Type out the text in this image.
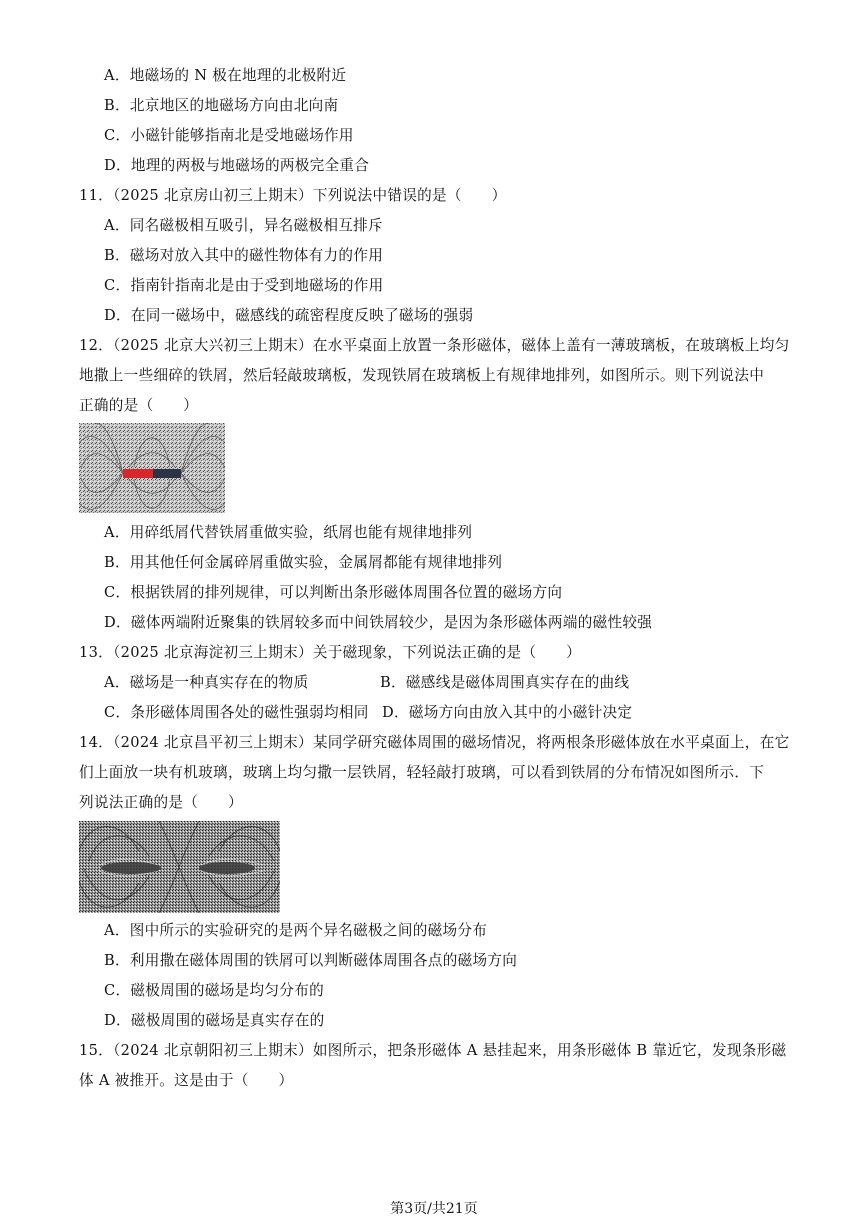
A．地磁场的 N 极在地理的北极附近
B．北京地区的地磁场方向由北向南
C．小磁针能够指南北是受地磁场作用
D．地理的两极与地磁场的两极完全重合
11．（2025 北京房山初三上期末）下列说法中错误的是（　　）
A．同名磁极相互吸引，异名磁极相互排斥
B．磁场对放入其中的磁性物体有力的作用
C．指南针指南北是由于受到地磁场的作用
D．在同一磁场中，磁感线的疏密程度反映了磁场的强弱
12．（2025 北京大兴初三上期末）在水平桌面上放置一条形磁体，磁体上盖有一薄玻璃板，在玻璃板上均匀
地撒上一些细碎的铁屑，然后轻敲玻璃板，发现铁屑在玻璃板上有规律地排列，如图所示。则下列说法中
正确的是（　　）
A．用碎纸屑代替铁屑重做实验，纸屑也能有规律地排列
B．用其他任何金属碎屑重做实验，金属屑都能有规律地排列
C．根据铁屑的排列规律，可以判断出条形磁体周围各位置的磁场方向
D．磁体两端附近聚集的铁屑较多而中间铁屑较少，是因为条形磁体两端的磁性较强
13．（2025 北京海淀初三上期末）关于磁现象，下列说法正确的是（　　）
A．磁场是一种真实存在的物质	B．磁感线是磁体周围真实存在的曲线
C．条形磁体周围各处的磁性强弱均相同 D．磁场方向由放入其中的小磁针决定
14．（2024 北京昌平初三上期末）某同学研究磁体周围的磁场情况，将两根条形磁体放在水平桌面上，在它
们上面放一块有机玻璃，玻璃上均匀撒一层铁屑，轻轻敲打玻璃，可以看到铁屑的分布情况如图所示．下
列说法正确的是（　　）
A．图中所示的实验研究的是两个异名磁极之间的磁场分布
B．利用撒在磁体周围的铁屑可以判断磁体周围各点的磁场方向
C．磁极周围的磁场是均匀分布的
D．磁极周围的磁场是真实存在的
15．（2024 北京朝阳初三上期末）如图所示，把条形磁体 A 悬挂起来，用条形磁体 B 靠近它，发现条形磁
体 A 被推开。这是由于（　　）
第3页/共21页
